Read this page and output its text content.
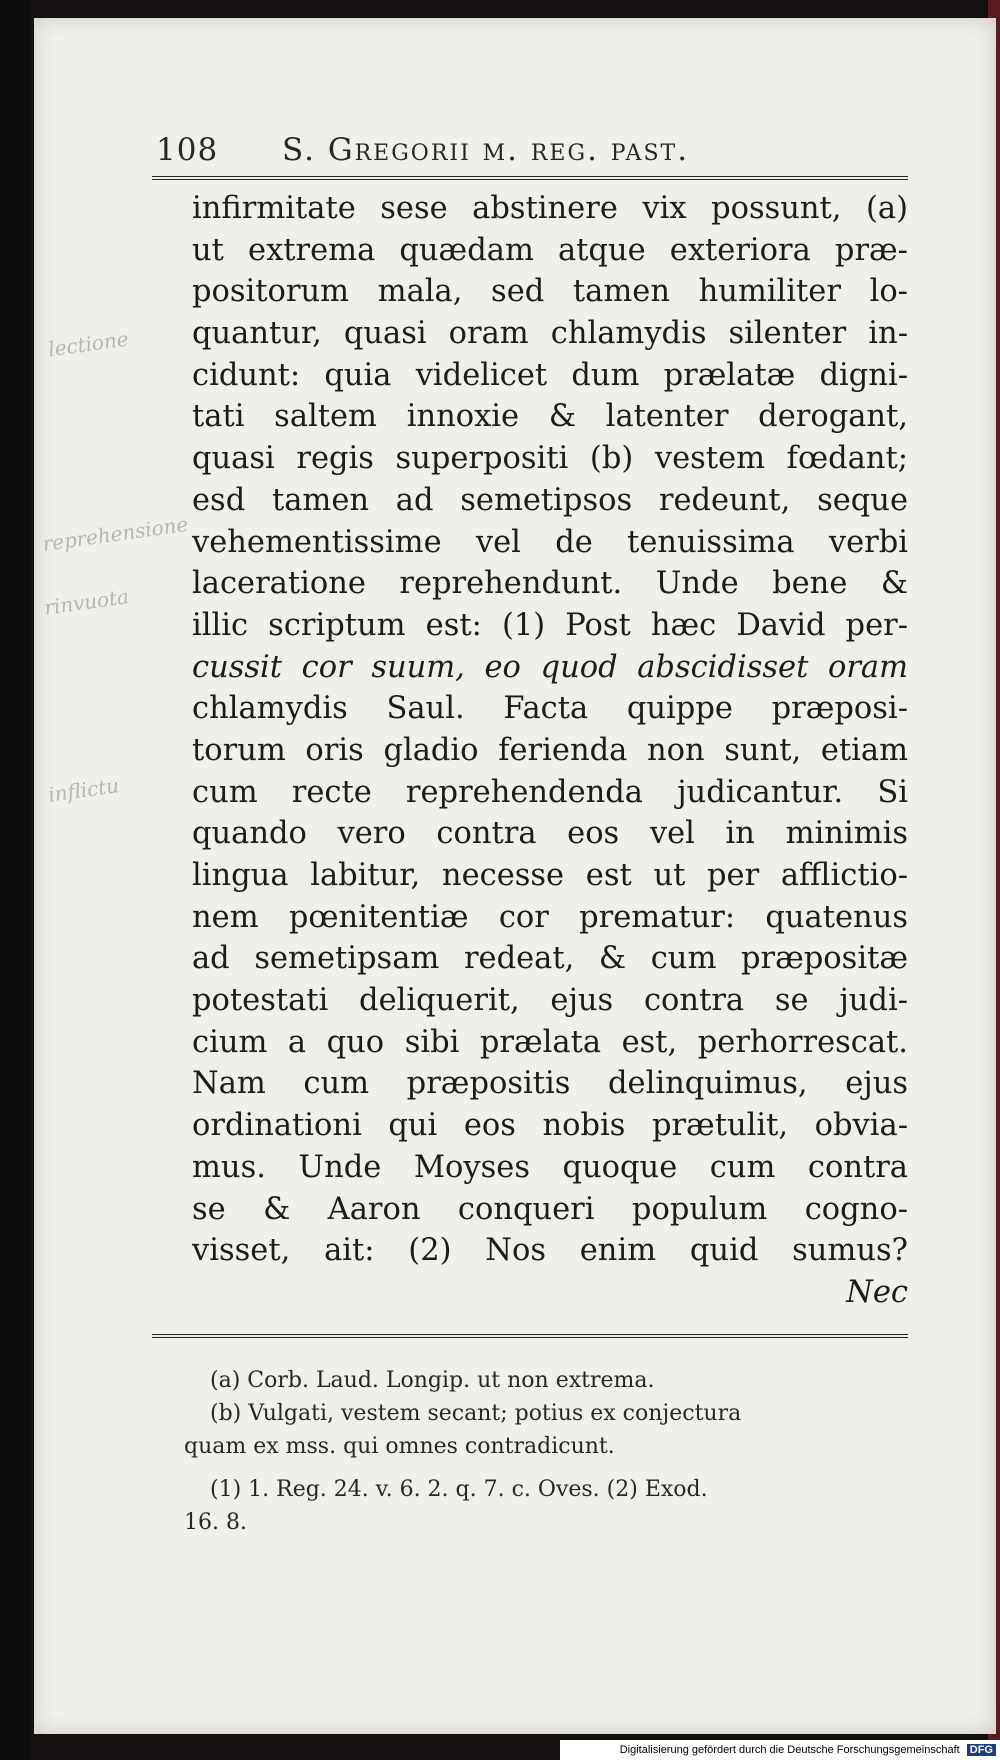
108 S. Gregorii m. reg. past.
lectione
reprehensione
rinvuota
inflictu
infirmitate sese abstinere vix possunt, (a)
ut extrema quædam atque exteriora præ-
positorum mala, sed tamen humiliter lo-
quantur, quasi oram chlamydis silenter in-
cidunt: quia videlicet dum prælatæ digni-
tati saltem innoxie & latenter derogant,
quasi regis superpositi (b) vestem fœdant;
esd tamen ad semetipsos redeunt, seque
vehementissime vel de tenuissima verbi
laceratione reprehendunt. Unde bene &
illic scriptum est: (1) Post hæc David per-
cussit cor suum, eo quod abscidisset oram
chlamydis Saul. Facta quippe præposi-
torum oris gladio ferienda non sunt, etiam
cum recte reprehendenda judicantur. Si
quando vero contra eos vel in minimis
lingua labitur, necesse est ut per afflictio-
nem pœnitentiæ cor prematur: quatenus
ad semetipsam redeat, & cum præpositæ
potestati deliquerit, ejus contra se judi-
cium a quo sibi prælata est, perhorrescat.
Nam cum præpositis delinquimus, ejus
ordinationi qui eos nobis prætulit, obvia-
mus. Unde Moyses quoque cum contra
se & Aaron conqueri populum cogno-
visset, ait: (2) Nos enim quid sumus?
Nec
(a) Corb. Laud. Longip. ut non extrema.
(b) Vulgati, vestem secant; potius ex conjectura
quam ex mss. qui omnes contradicunt.
(1) 1. Reg. 24. v. 6. 2. q. 7. c. Oves. (2) Exod.
16. 8.
Digitalisierung gefördert durch die Deutsche Forschungsgemeinschaft DFG
